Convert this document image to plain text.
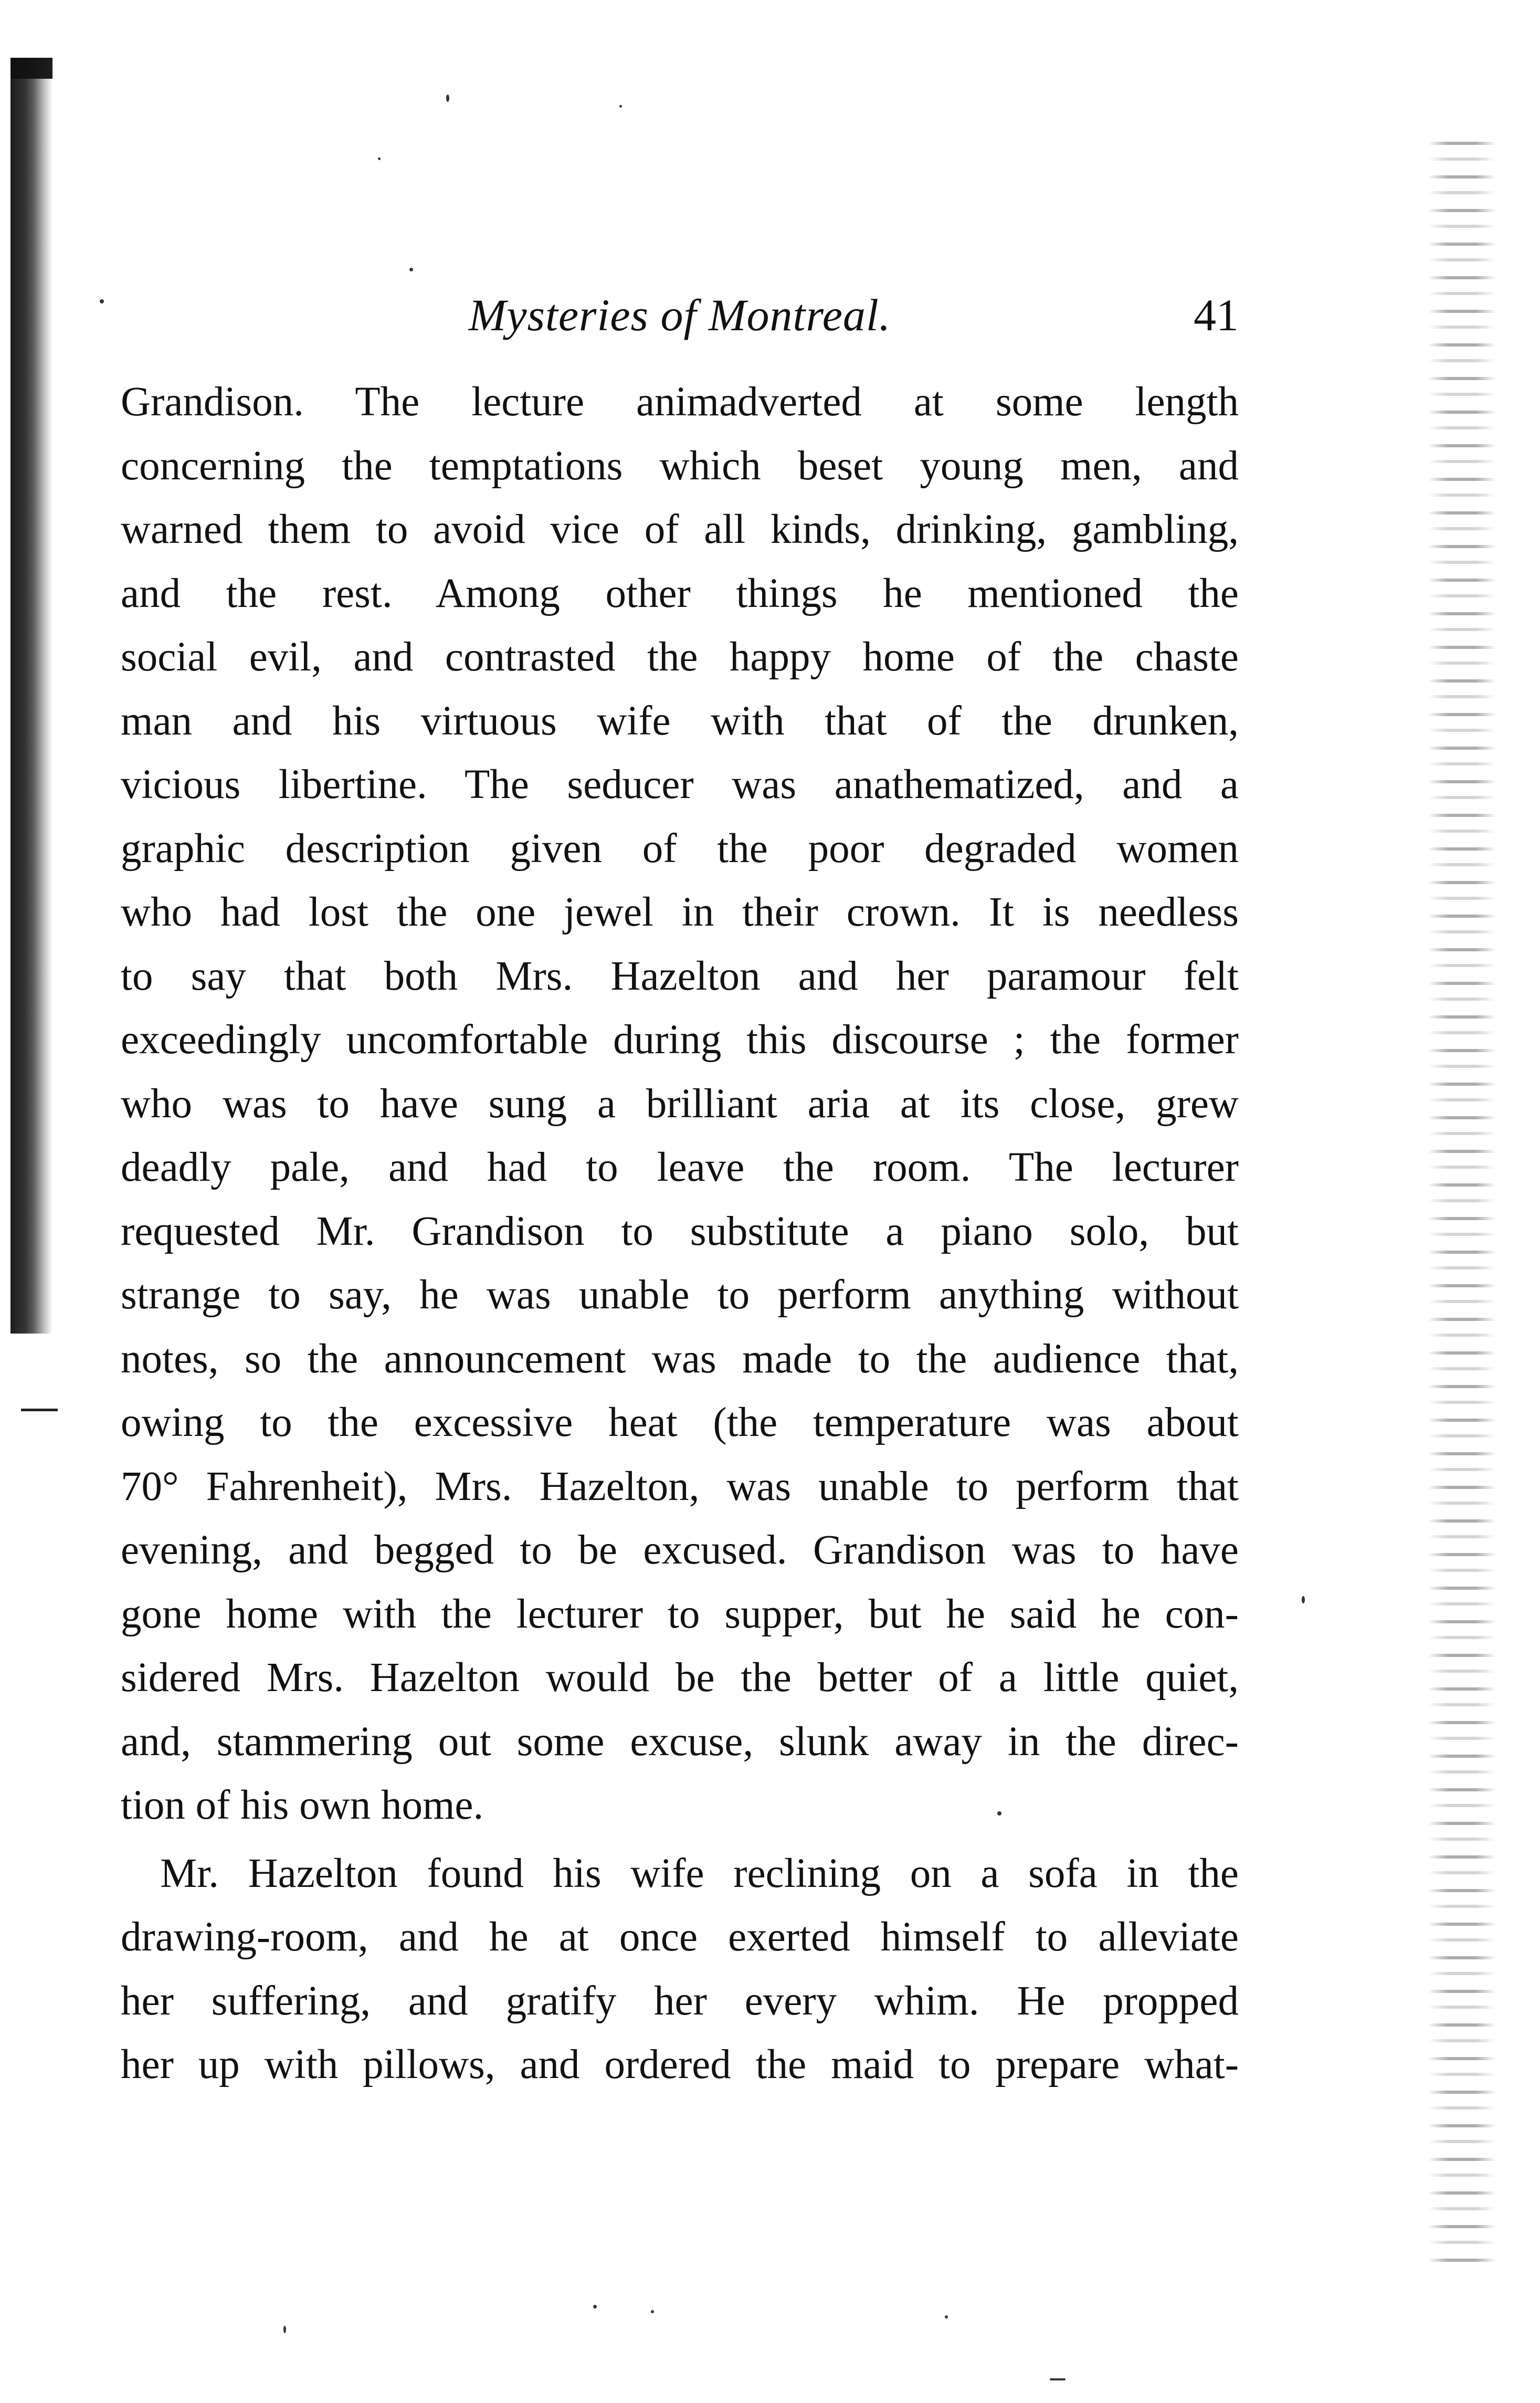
Mysteries of Montreal.	41

Grandison. The lecture animadverted at some length
concerning the temptations which beset young men, and
warned them to avoid vice of all kinds, drinking, gambling,
and the rest. Among other things he mentioned the
social evil, and contrasted the happy home of the chaste
man and his virtuous wife with that of the drunken,
vicious libertine. The seducer was anathematized, and a
graphic description given of the poor degraded women
who had lost the one jewel in their crown. It is needless
to say that both Mrs. Hazelton and her paramour felt
exceedingly uncomfortable during this discourse ; the former
who was to have sung a brilliant aria at its close, grew
deadly pale, and had to leave the room. The lecturer
requested Mr. Grandison to substitute a piano solo, but
strange to say, he was unable to perform anything without
notes, so the announcement was made to the audience that,
owing to the excessive heat (the temperature was about
70° Fahrenheit), Mrs. Hazelton, was unable to perform that
evening, and begged to be excused. Grandison was to have
gone home with the lecturer to supper, but he said he con-
sidered Mrs. Hazelton would be the better of a little quiet,
and, stammering out some excuse, slunk away in the direc-
tion of his own home.

Mr. Hazelton found his wife reclining on a sofa in the
drawing-room, and he at once exerted himself to alleviate
her suffering, and gratify her every whim. He propped
her up with pillows, and ordered the maid to prepare what-
